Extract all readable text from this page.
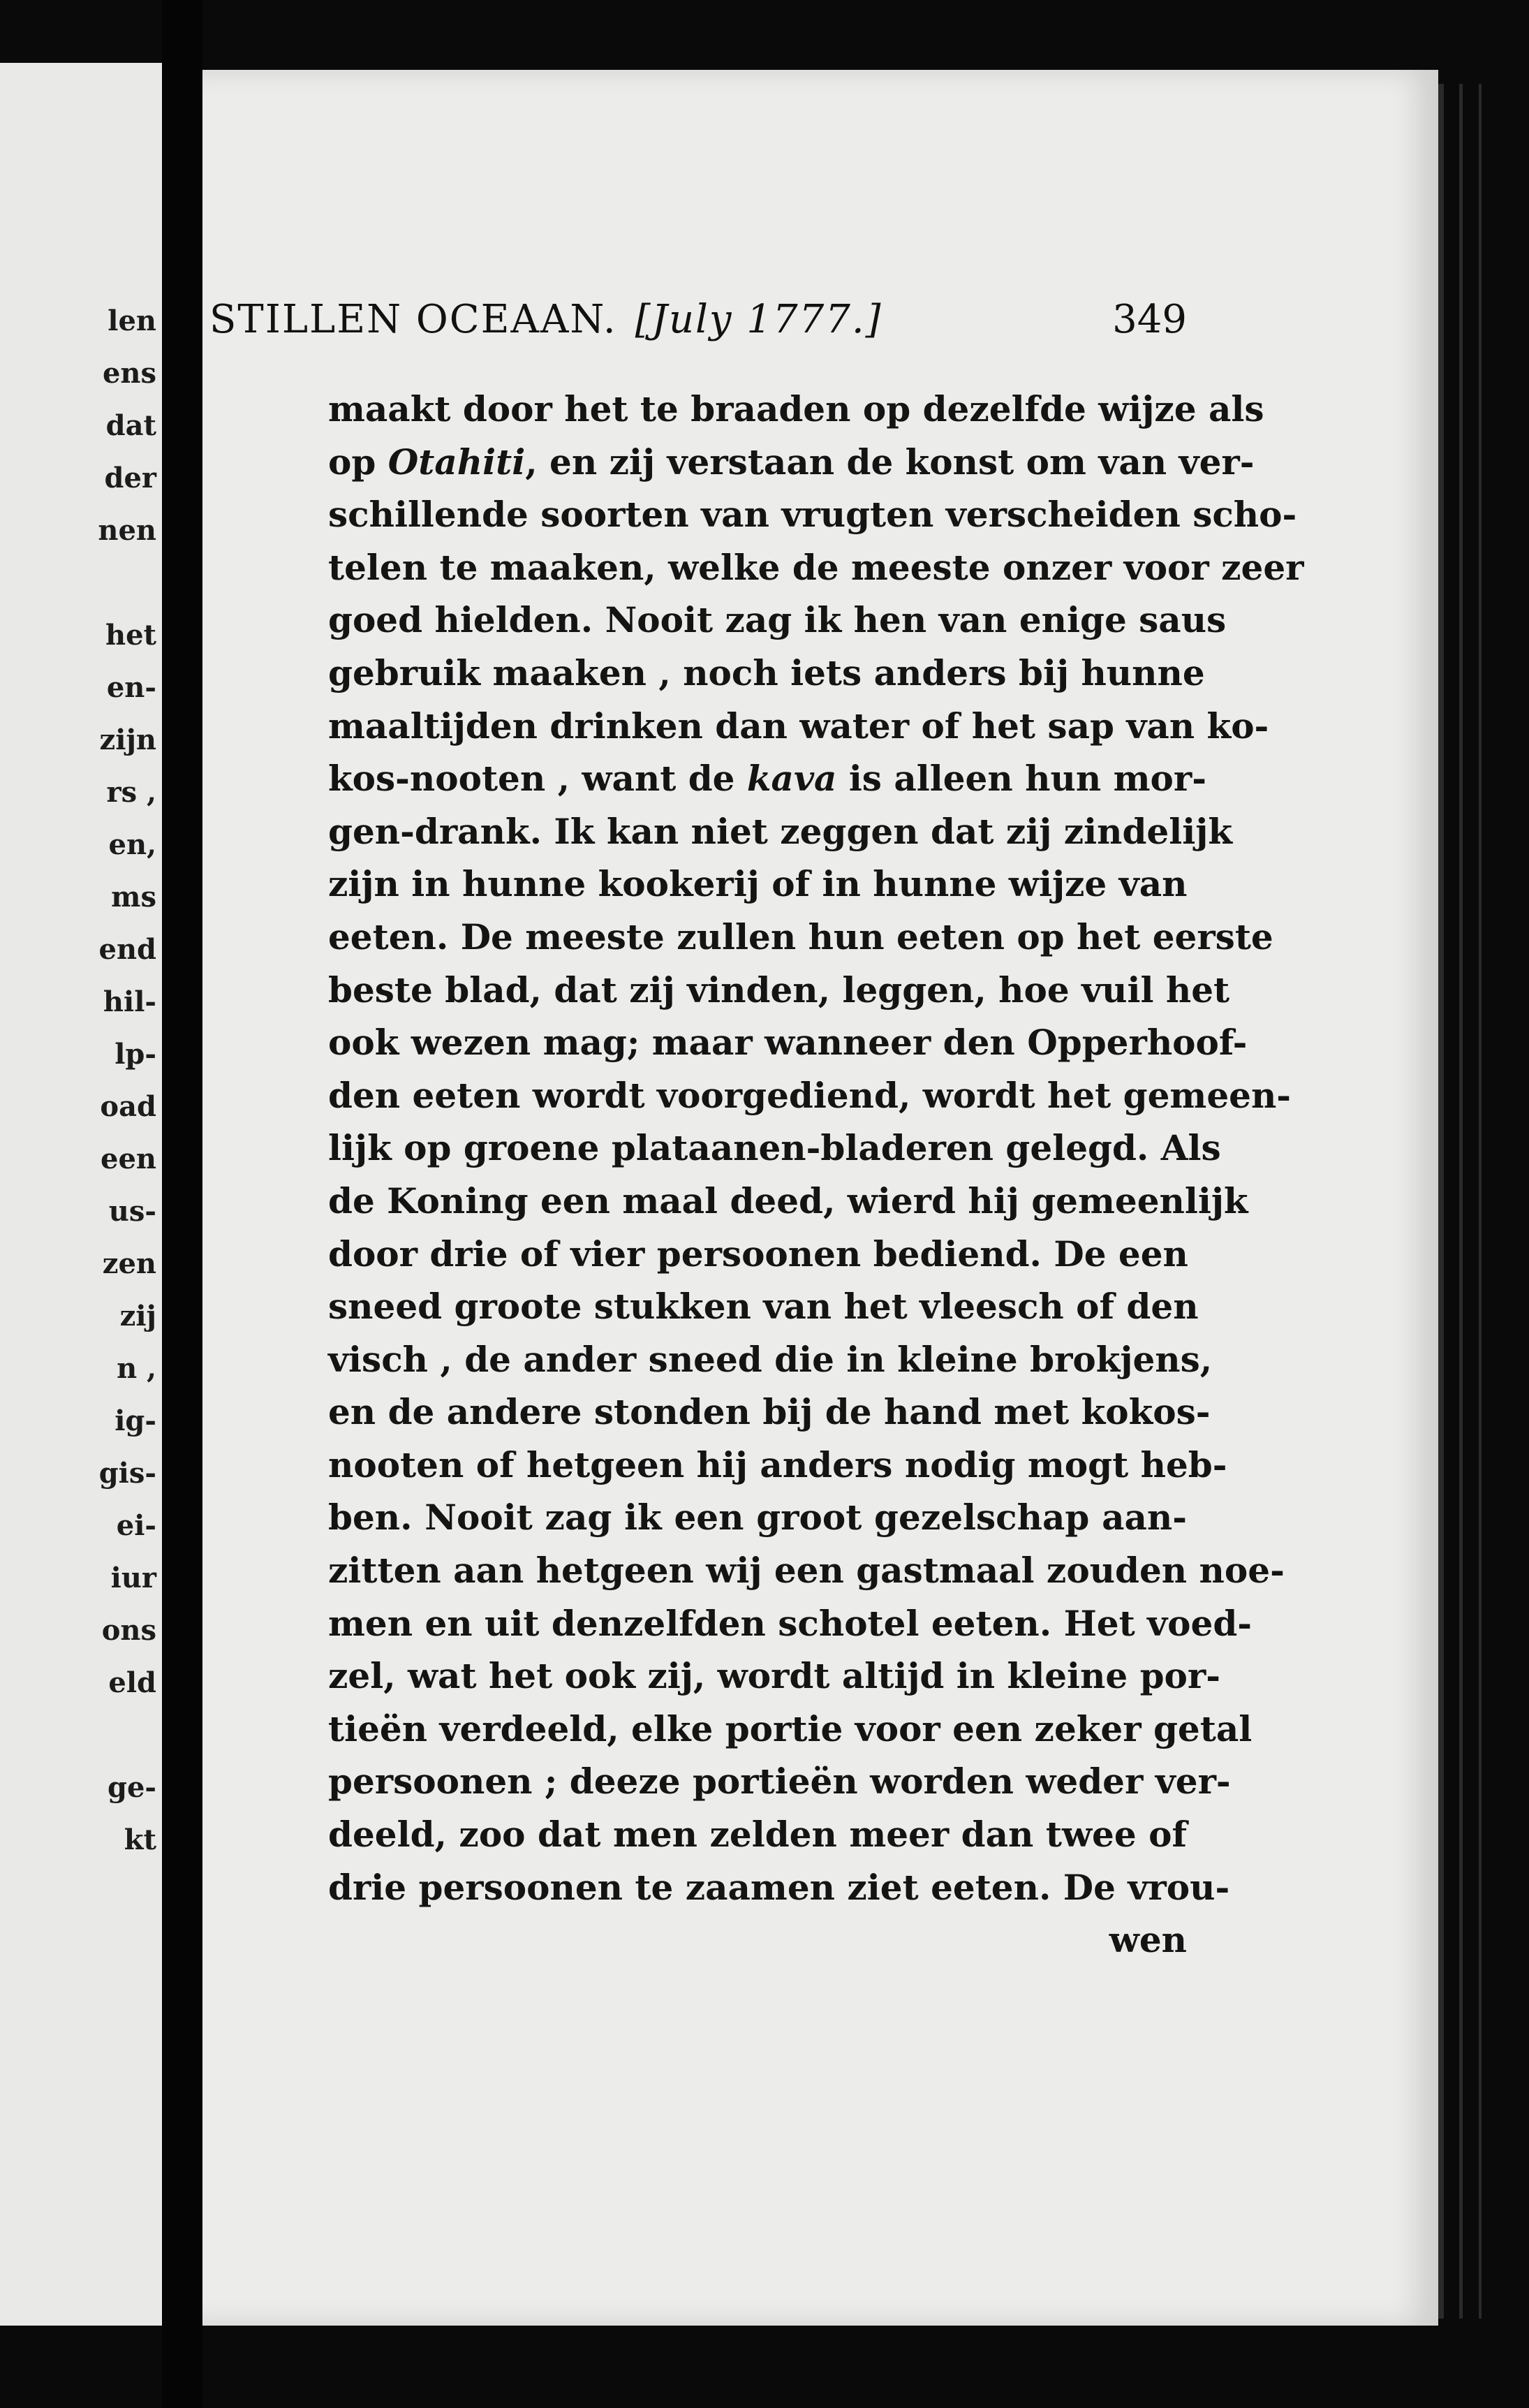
len

ens

dat

der

nen

het

en-

zijn

rs ,

en,

ms

end

hil-

lp-

oad

een

us-

zen

zij

n ,

ig-

gis-

ei-

iur

ons

eld

ge-

kt

STILLEN OCEAAN. [July 1777.]	349

maakt door het te braaden op dezelfde wijze als

op Otahiti, en zij verstaan de konst om van ver-

schillende soorten van vrugten verscheiden scho-

telen te maaken, welke de meeste onzer voor zeer

goed hielden. Nooit zag ik hen van enige saus

gebruik maaken , noch iets anders bij hunne

maaltijden drinken dan water of het sap van ko-

kos-nooten , want de kava is alleen hun mor-

gen-drank. Ik kan niet zeggen dat zij zindelijk

zijn in hunne kookerij of in hunne wijze van

eeten. De meeste zullen hun eeten op het eerste

beste blad, dat zij vinden, leggen, hoe vuil het

ook wezen mag; maar wanneer den Opperhoof-

den eeten wordt voorgediend, wordt het gemeen-

lijk op groene plataanen-bladeren gelegd. Als

de Koning een maal deed, wierd hij gemeenlijk

door drie of vier persoonen bediend. De een

sneed groote stukken van het vleesch of den

visch , de ander sneed die in kleine brokjens,

en de andere stonden bij de hand met kokos-

nooten of hetgeen hij anders nodig mogt heb-

ben. Nooit zag ik een groot gezelschap aan-

zitten aan hetgeen wij een gastmaal zouden noe-

men en uit denzelfden schotel eeten. Het voed-

zel, wat het ook zij, wordt altijd in kleine por-

tieën verdeeld, elke portie voor een zeker getal

persoonen ; deeze portieën worden weder ver-

deeld, zoo dat men zelden meer dan twee of

drie persoonen te zaamen ziet eeten. De vrou-

wen
